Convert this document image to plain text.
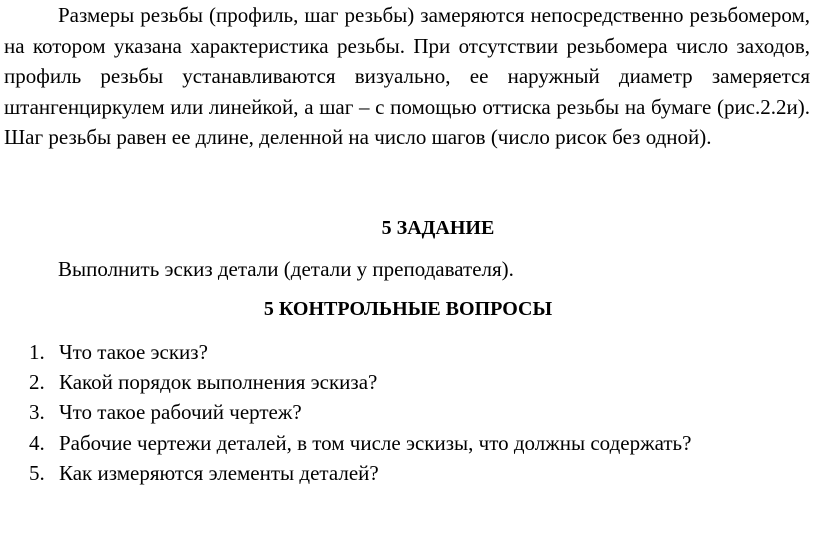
Размеры резьбы (профиль, шаг резьбы) замеряются непосредственно резьбомером, на котором указана характеристика резьбы. При отсутствии резьбомера число заходов, профиль резьбы устанавливаются визуально, ее наружный диаметр замеряется штангенциркулем или линейкой, а шаг – с помощью оттиска резьбы на бумаге (рис.2.2и). Шаг резьбы равен ее длине, деленной на число шагов (число рисок без одной).

5 ЗАДАНИЕ

Выполнить эскиз детали (детали у преподавателя).

5 КОНТРОЛЬНЫЕ ВОПРОСЫ
1. Что такое эскиз?
2. Какой порядок выполнения эскиза?
3. Что такое рабочий чертеж?
4. Рабочие чертежи деталей, в том числе эскизы, что должны содержать?
5. Как измеряются элементы деталей?
